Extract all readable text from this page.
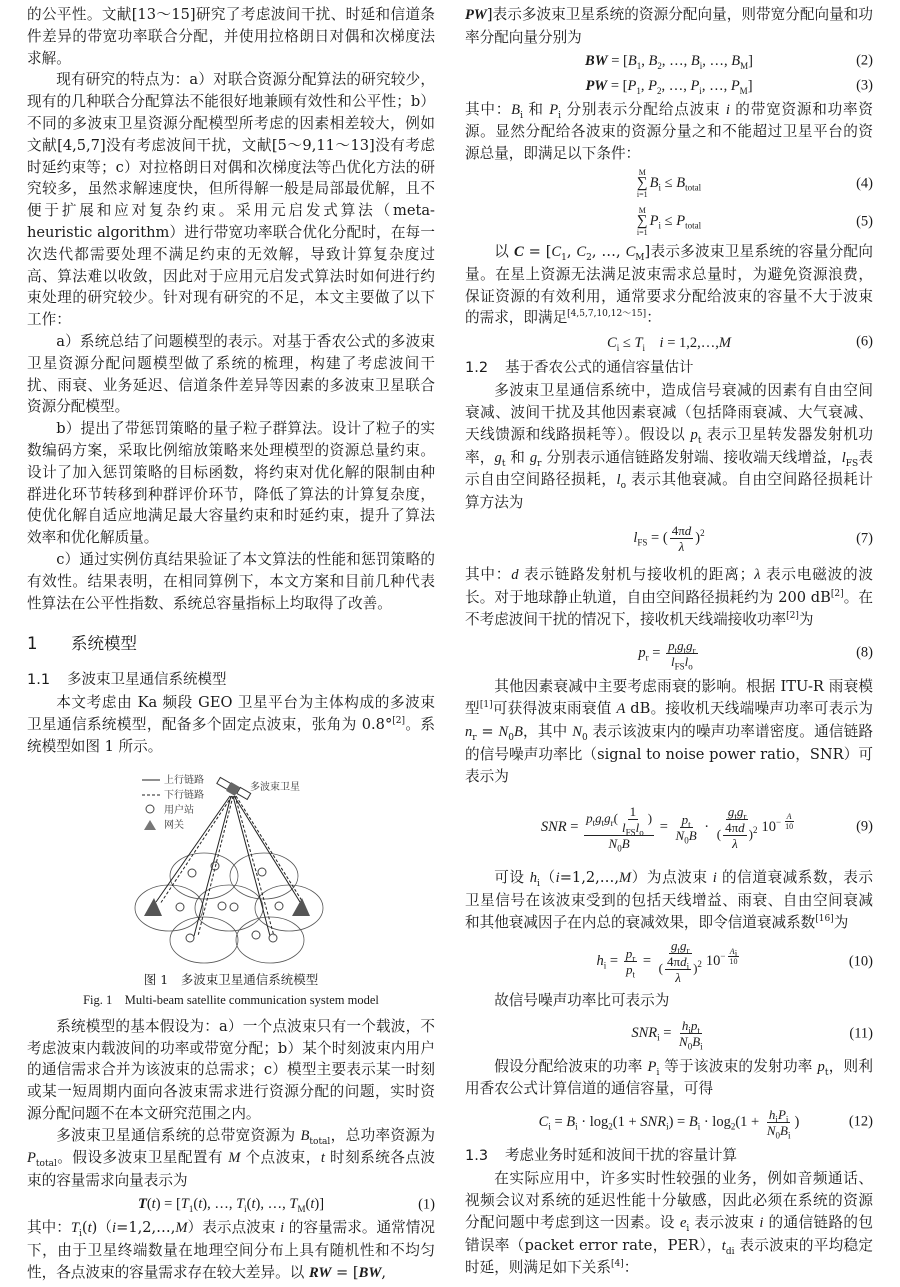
的公平性。文献[13～15]研究了考虑波间干扰、时延和信道条件差异的带宽功率联合分配，并使用拉格朗日对偶和次梯度法求解。

现有研究的特点为：a）对联合资源分配算法的研究较少，现有的几种联合分配算法不能很好地兼顾有效性和公平性；b）不同的多波束卫星资源分配模型所考虑的因素相差较大，例如文献[4,5,7]没有考虑波间干扰，文献[5～9,11～13]没有考虑时延约束等；c）对拉格朗日对偶和次梯度法等凸优化方法的研究较多，虽然求解速度快，但所得解一般是局部最优解，且不便于扩展和应对复杂约束。采用元启发式算法（meta-heuristic algorithm）进行带宽功率联合优化分配时，在每一次迭代都需要处理不满足约束的无效解，导致计算复杂度过高、算法难以收敛，因此对于应用元启发式算法时如何进行约束处理的研究较少。针对现有研究的不足，本文主要做了以下工作：

a）系统总结了问题模型的表示。对基于香农公式的多波束卫星资源分配问题模型做了系统的梳理，构建了考虑波间干扰、雨衰、业务延迟、信道条件差异等因素的多波束卫星联合资源分配模型。

b）提出了带惩罚策略的量子粒子群算法。设计了粒子的实数编码方案，采取比例缩放策略来处理模型的资源总量约束。设计了加入惩罚策略的目标函数，将约束对优化解的限制由种群进化环节转移到种群评价环节，降低了算法的计算复杂度，使优化解自适应地满足最大容量约束和时延约束，提升了算法效率和优化解质量。

c）通过实例仿真结果验证了本文算法的性能和惩罚策略的有效性。结果表明，在相同算例下，本文方案和目前几种代表性算法在公平性指数、系统总容量指标上均取得了改善。

1 系统模型
1.1 多波束卫星通信系统模型

本文考虑由 Ka 频段 GEO 卫星平台为主体构成的多波束卫星通信系统模型，配备多个固定点波束，张角为 0.8°[2]。系统模型如图 1 所示。

多波束卫星
上行链路
下行链路
用户站
网关
图 1　多波束卫星通信系统模型
Fig. 1　Multi-beam satellite communication system model

系统模型的基本假设为：a）一个点波束只有一个载波，不考虑波束内载波间的功率或带宽分配；b）某个时刻波束内用户的通信需求合并为该波束的总需求；c）模型主要表示某一时刻或某一短周期内面向各波束需求进行资源分配的问题，实时资源分配问题不在本文研究范围之内。

多波束卫星通信系统的总带宽资源为 $B_{total}$，总功率资源为 $P_{total}$。假设多波束卫星配置有 M 个点波束，t 时刻系统各点波束的容量需求向量表示为

$T(t) = [T_1(t)$, …, $T_i(t)$, …, $T_M(t)$]	(1)

其中：$T_i(t)(i=1,2,\dots,M)$表示点波束 i 的容量需求。通常情况下，由于卫星终端数量在地理空间分布上具有随机性和不均匀性，各点波束的容量需求存在较大差异。以 RW = [BW,

PW]表示多波束卫星系统的资源分配向量，则带宽分配向量和功率分配向量分别为

BW = [$B_1$, $B_2$, …, $B_i$, …, $B_M$]	(2)
PW = [$P_1$, $P_2$, …, $P_i$, …, $P_M$]	(3)

其中：$B_i$ 和 $P_i$ 分别表示分配给点波束 i 的带宽资源和功率资源。显然分配给各波束的资源分量之和不能超过卫星平台的资源总量，即满足以下条件：

M
∑
i=1
$B_i \le B_{total}$	(4)
M
∑
i=1
$P_i \le P_{total}$	(5)

以 $C = [C_1$, $C_2$, …, $C_M$]表示多波束卫星系统的容量分配向量。在星上资源无法满足波束需求总量时，为避免资源浪费，保证资源的有效利用，通常要求分配给波束的容量不大于波束的需求，即满足[4,5,7,10,12～15]：

$C_i \le T_i$　 i = 1,2,…,M	(6)
1.2 基于香农公式的通信容量估计

多波束卫星通信系统中，造成信号衰减的因素有自由空间衰减、波间干扰及其他因素衰减（包括降雨衰减、大气衰减、天线馈源和线路损耗等）。假设以 $p_t$ 表示卫星转发器发射机功率，$g_t$ 和 $g_r$ 分别表示通信链路发射端、接收端天线增益，$l_{FS}$表示自由空间路径损耗，$l_o$ 表示其他衰减。自由空间路径损耗计算方法为

$l_{FS}$ = ( $\frac{4\pi d}{\lambda} )2$	(7)

其中：d 表示链路发射机与接收机的距离；λ 表示电磁波的波长。对于地球静止轨道，自由空间路径损耗约为 200 dB[2]。在不考虑波间干扰的情况下，接收机天线端接收功率[2]为

$p_r = \frac{p_tg_tg_r}{l_{FS}l_o}$	(8)

其他因素衰减中主要考虑雨衰的影响。根据 ITU-R 雨衰模型[1]可获得波束雨衰值 A dB。接收机天线端噪声功率可表示为 $n_r = N_0B$，其中 $N_0$ 表示该波束内的噪声功率谱密度。通信链路的信号噪声功率比（signal to noise power ratio，SNR）可表示为

SNR = $\frac{p_tg_tg_r( \frac{1}{l_{FS}l_o} )}{N_0B} = \frac{p_t}{N_0B} \cdot \frac{g_tg_r}{( \frac{4\pi d}{\lambda} )2} 10- \frac{A}{10}$	(9)

可设 $h_i(i=1,2,\dots,M)$为点波束 i 的信道衰减系数，表示卫星信号在该波束受到的包括天线增益、雨衰、自由空间衰减和其他衰减因子在内总的衰减效果，即令信道衰减系数[16]为

$h_i = \frac{p_r}{p_t} = \frac{g_tg_r}{( \frac{4\pi d_i}{\lambda} )2} 10- \frac{A_i}{10}$	(10)

故信号噪声功率比可表示为

$SNR_i = \frac{h_ip_t}{N_0B_i}$	(11)

假设分配给波束的功率 $P_i$ 等于该波束的发射功率 $p_t$，则利用香农公式计算信道的通信容量，可得

$C_i = B_i \cdot \log_2(1 + SNR_i) = B_i \cdot \log_2(1 + \frac{h_iP_i}{N_0B_i}$ )	(12)
1.3 考虑业务时延和波间干扰的容量计算

在实际应用中，许多实时性较强的业务，例如音频通话、视频会议对系统的延迟性能十分敏感，因此必须在系统的资源分配问题中考虑到这一因素。设 $e_i$ 表示波束 i 的通信链路的包错误率（packet error rate，PER），$t_{di}$ 表示波束的平均稳定时延，则满足如下关系[4]：
